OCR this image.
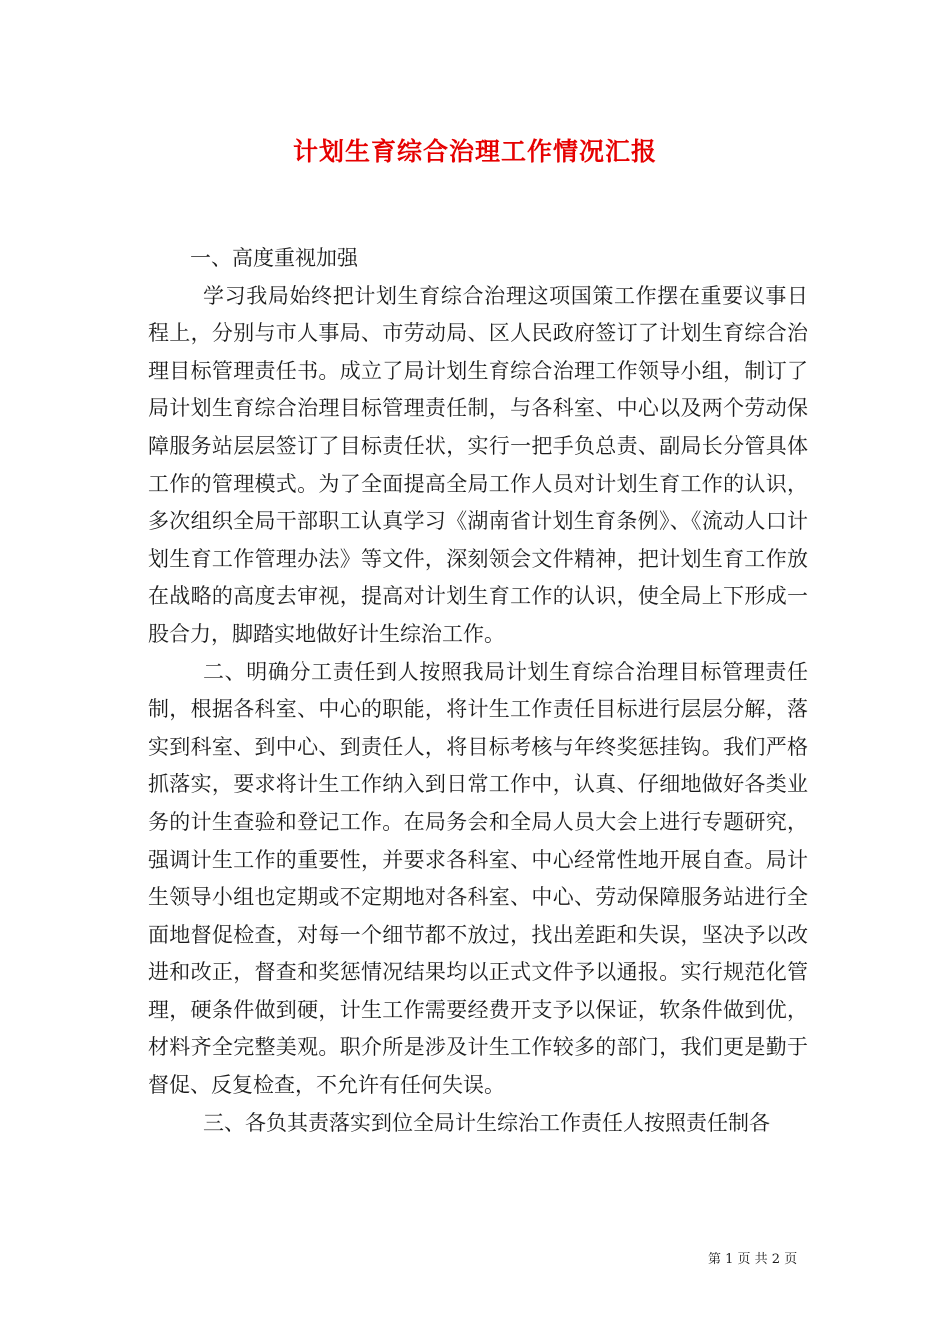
计划生育综合治理工作情况汇报

一、高度重视加强

学习我局始终把计划生育综合治理这项国策工作摆在重要议事日程上，分别与市人事局、市劳动局、区人民政府签订了计划生育综合治理目标管理责任书。成立了局计划生育综合治理工作领导小组，制订了局计划生育综合治理目标管理责任制，与各科室、中心以及两个劳动保障服务站层层签订了目标责任状，实行一把手负总责、副局长分管具体工作的管理模式。为了全面提高全局工作人员对计划生育工作的认识，多次组织全局干部职工认真学习《湖南省计划生育条例》、《流动人口计划生育工作管理办法》等文件，深刻领会文件精神，把计划生育工作放在战略的高度去审视，提高对计划生育工作的认识，使全局上下形成一股合力，脚踏实地做好计生综治工作。

二、明确分工责任到人按照我局计划生育综合治理目标管理责任制，根据各科室、中心的职能，将计生工作责任目标进行层层分解，落实到科室、到中心、到责任人，将目标考核与年终奖惩挂钩。我们严格抓落实，要求将计生工作纳入到日常工作中，认真、仔细地做好各类业务的计生查验和登记工作。在局务会和全局人员大会上进行专题研究，强调计生工作的重要性，并要求各科室、中心经常性地开展自查。局计生领导小组也定期或不定期地对各科室、中心、劳动保障服务站进行全面地督促检查，对每一个细节都不放过，找出差距和失误，坚决予以改进和改正，督查和奖惩情况结果均以正式文件予以通报。实行规范化管理，硬条件做到硬，计生工作需要经费开支予以保证，软条件做到优，材料齐全完整美观。职介所是涉及计生工作较多的部门，我们更是勤于督促、反复检查，不允许有任何失误。

三、各负其责落实到位全局计生综治工作责任人按照责任制各

第 1 页 共 2 页
